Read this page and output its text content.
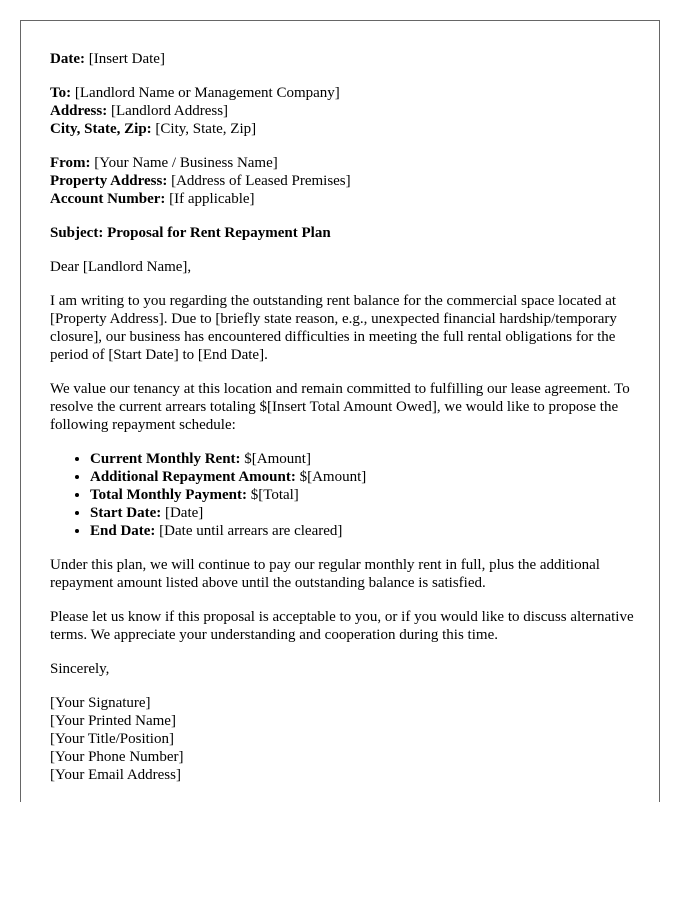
Date: [Insert Date]

To: [Landlord Name or Management Company]
Address: [Landlord Address]
City, State, Zip: [City, State, Zip]

From: [Your Name / Business Name]
Property Address: [Address of Leased Premises]
Account Number: [If applicable]

Subject: Proposal for Rent Repayment Plan

Dear [Landlord Name],

I am writing to you regarding the outstanding rent balance for the commercial space located at [Property Address]. Due to [briefly state reason, e.g., unexpected financial hardship/temporary closure], our business has encountered difficulties in meeting the full rental obligations for the period of [Start Date] to [End Date].

We value our tenancy at this location and remain committed to fulfilling our lease agreement. To resolve the current arrears totaling $[Insert Total Amount Owed], we would like to propose the following repayment schedule:

• Current Monthly Rent: $[Amount]
• Additional Repayment Amount: $[Amount]
• Total Monthly Payment: $[Total]
• Start Date: [Date]
• End Date: [Date until arrears are cleared]

Under this plan, we will continue to pay our regular monthly rent in full, plus the additional repayment amount listed above until the outstanding balance is satisfied.

Please let us know if this proposal is acceptable to you, or if you would like to discuss alternative terms. We appreciate your understanding and cooperation during this time.

Sincerely,

[Your Signature]
[Your Printed Name]
[Your Title/Position]
[Your Phone Number]
[Your Email Address]
